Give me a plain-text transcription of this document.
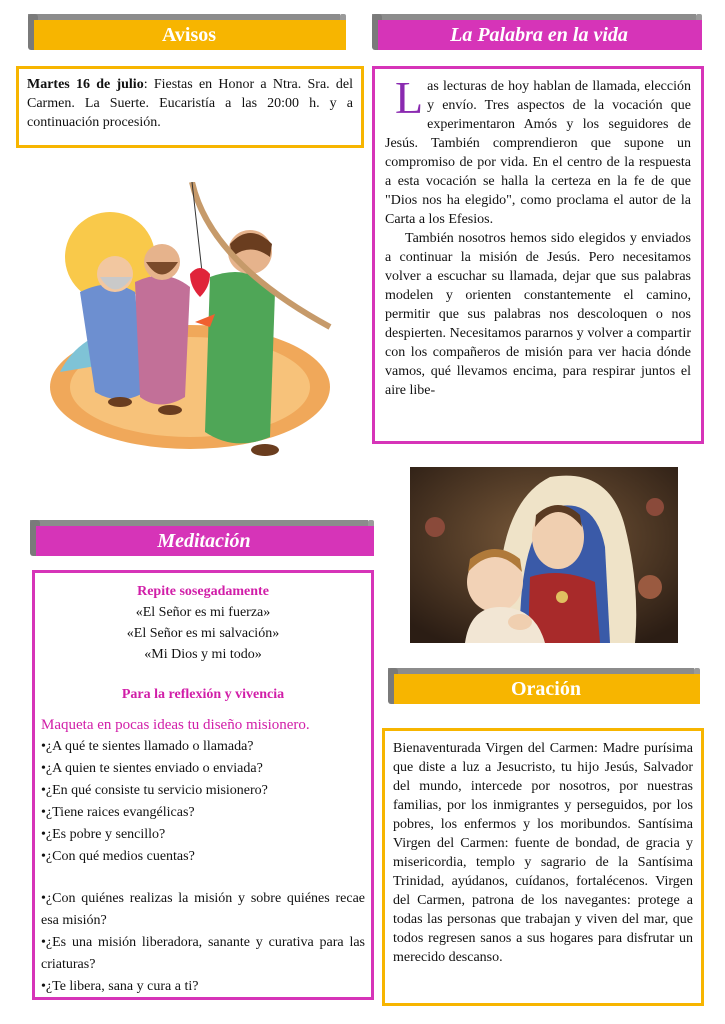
Avisos

Martes 16 de julio: Fiestas en Honor a Ntra. Sra. del Carmen. La Suerte. Eucaristía a las 20:00 h. y a continuación procesión.

La Palabra en la vida

Las lecturas de hoy hablan de llamada, elección y envío. Tres aspectos de la vocación que experimentaron Amós y los seguidores de Jesús. También comprendieron que supone un compromiso de por vida. En el centro de la respuesta a esta vocación se halla la certeza en la fe de que "Dios nos ha elegido", como proclama el autor de la Carta a los Efesios.

También nosotros hemos sido elegidos y enviados a continuar la misión de Jesús. Pero necesitamos volver a escuchar su llamada, dejar que sus palabras modelen y orienten constantemente el camino, permitir que sus palabras nos descoloquen o nos despierten. Necesitamos pararnos y volver a compartir con los compañeros de misión para ver hacia dónde vamos, qué llevamos encima, para respirar juntos el aire libe-

Meditación
Repite sosegadamente
«El Señor es mi fuerza»
«El Señor es mi salvación»
«Mi Dios y mi todo»
Para la reflexión y vivencia
Maqueta en pocas ideas tu diseño misionero.
•¿A qué te sientes llamado o llamada?
•¿A quien te sientes enviado o enviada?
•¿En qué consiste tu servicio misionero?
•¿Tiene raices evangélicas?
•¿Es pobre y sencillo?
•¿Con qué medios cuentas?
•¿Con quiénes realizas la misión y sobre quiénes recae esa misión?
•¿Es una misión liberadora, sanante y curativa para las criaturas?
•¿Te libera, sana y cura a ti?
Oración

Bienaventurada Virgen del Carmen: Madre purísima que diste a luz a Jesucristo, tu hijo Jesús, Salvador del mundo, intercede por nosotros, por nuestras familias, por los inmigrantes y perseguidos, por los pobres, los enfermos y los moribundos. Santísima Virgen del Carmen: fuente de bondad, de gracia y misericordia, templo y sagrario de la Santísima Trinidad, ayúdanos, cuídanos, fortalécenos. Virgen del Carmen, patrona de los navegantes: protege a todas las personas que trabajan y viven del mar, que todos regresen sanos a sus hogares para disfrutar un merecido descanso.
